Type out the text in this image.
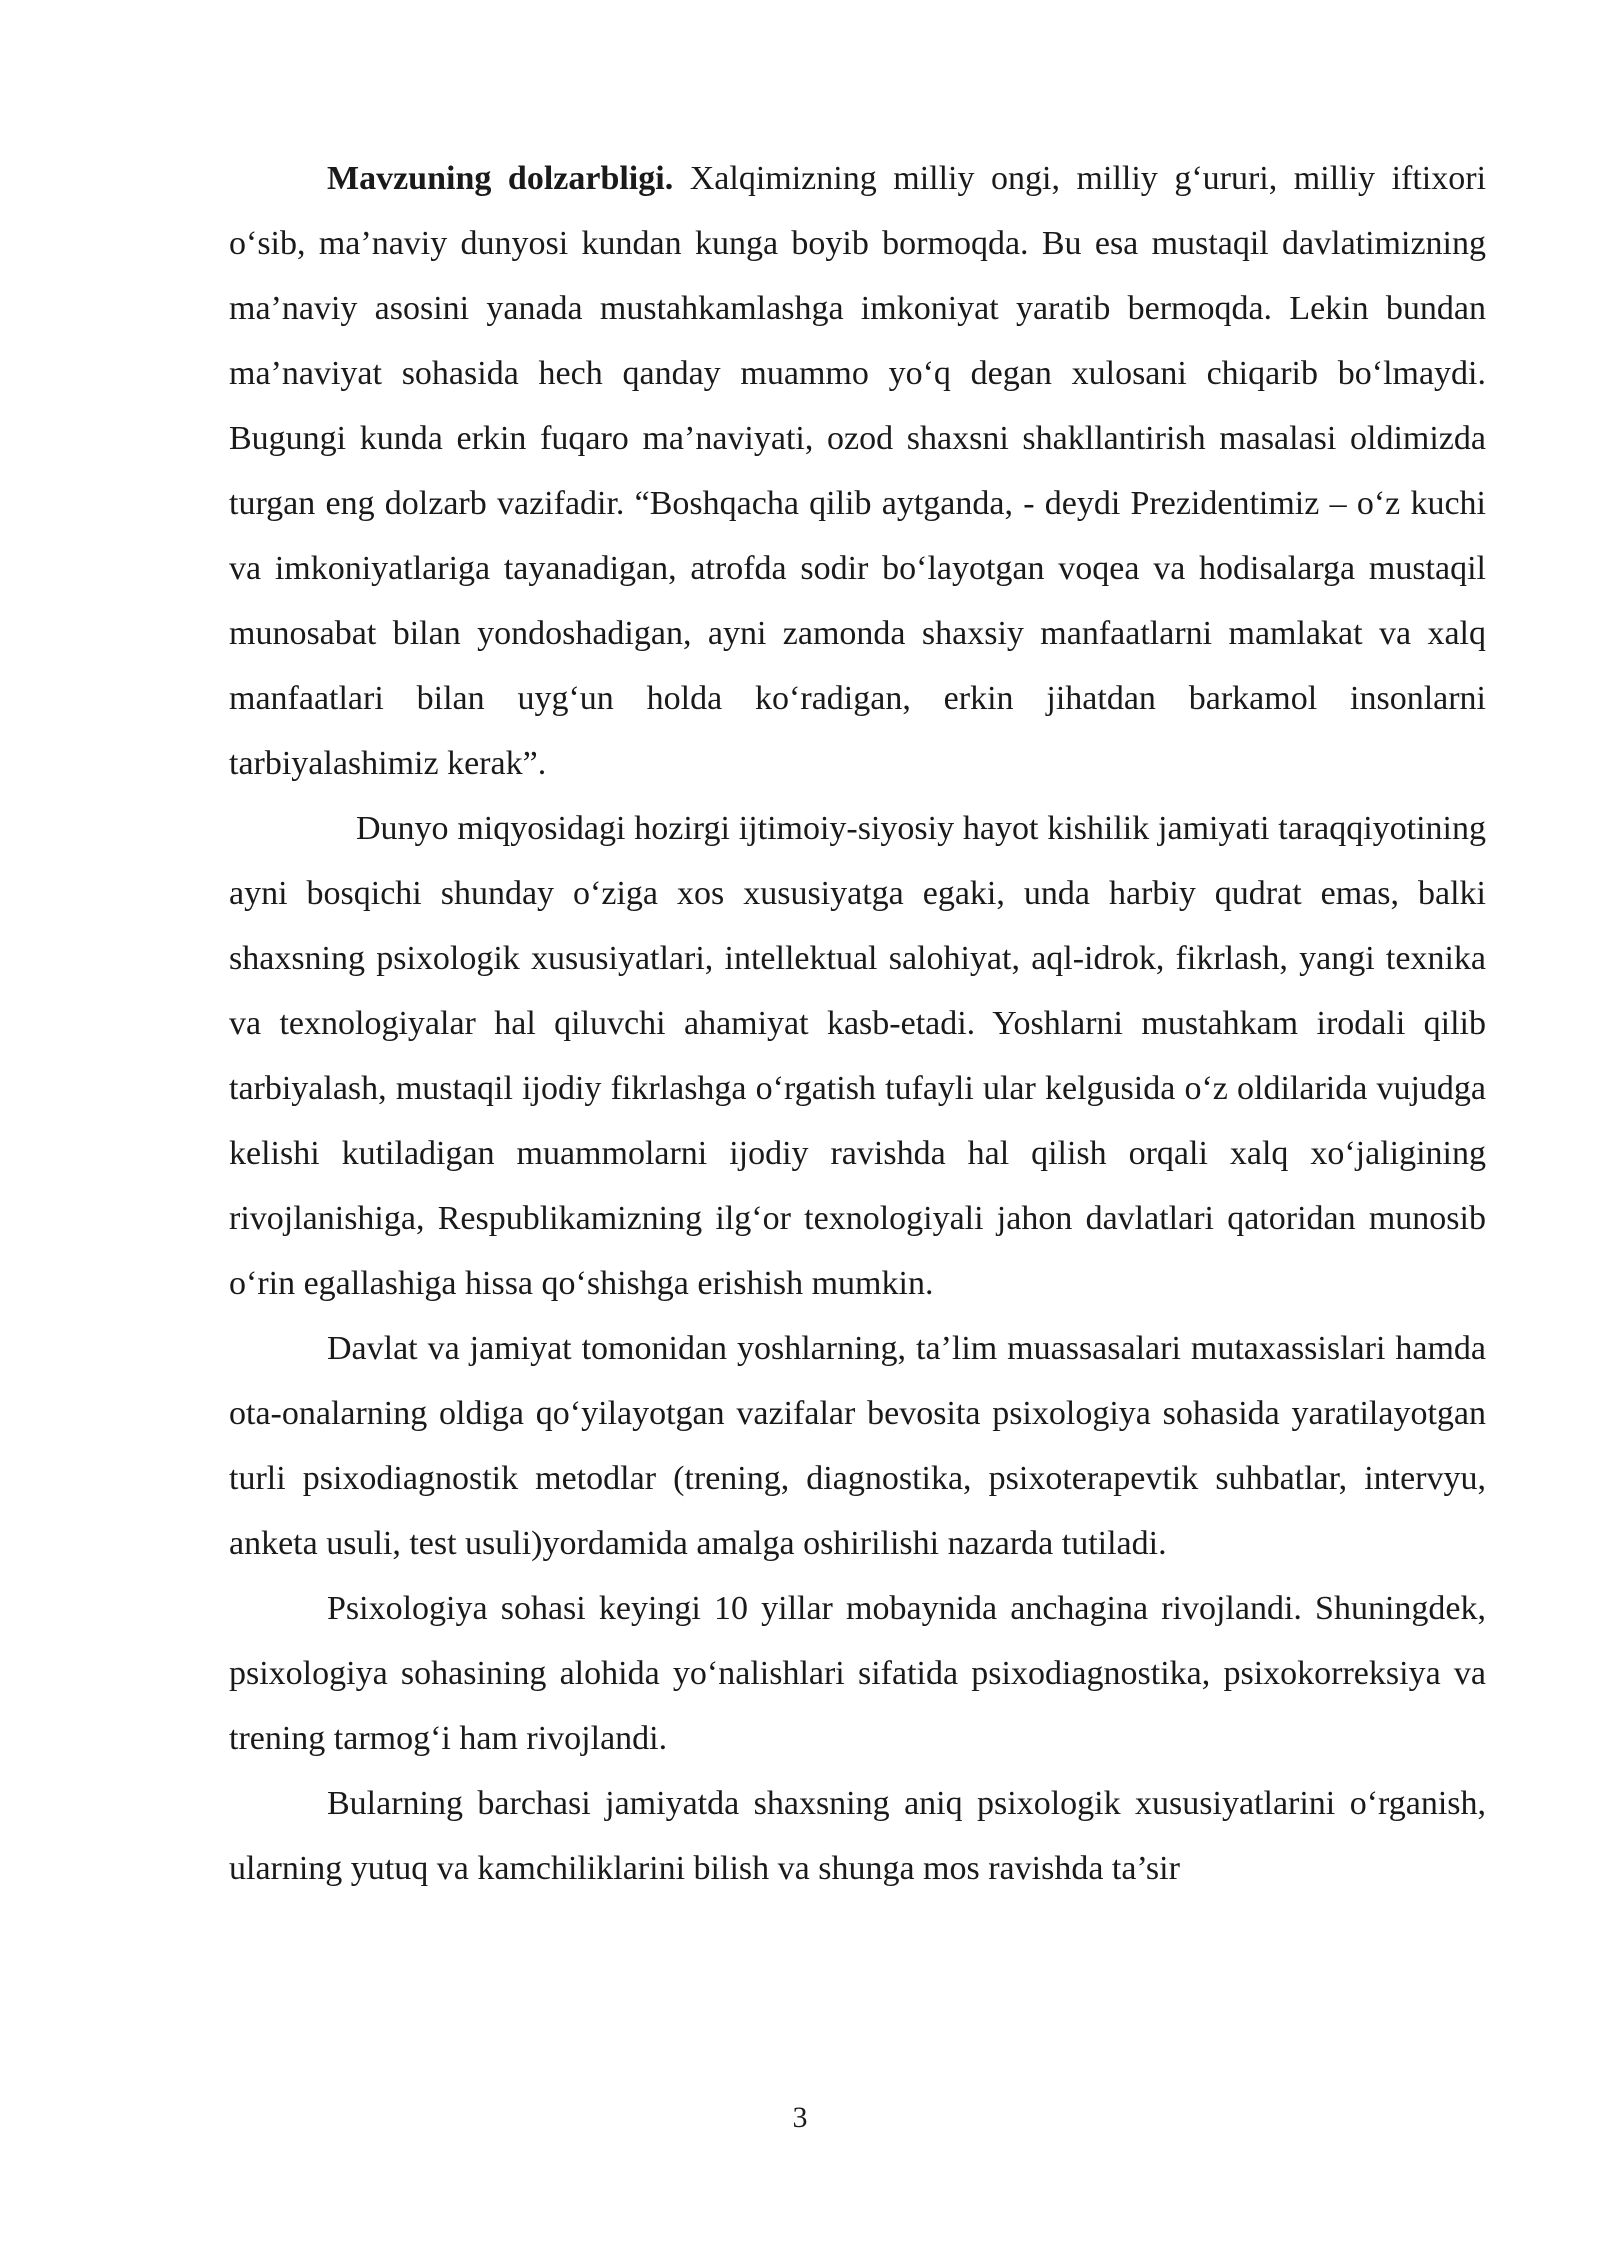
Mavzuning dolzarbligi. Xalqimizning milliy ongi, milliy g‘ururi, milliy iftixori o‘sib, ma’naviy dunyosi kundan kunga boyib bormoqda. Bu esa mustaqil davlatimizning ma’naviy asosini yanada mustahkamlashga imkoniyat yaratib bermoqda. Lekin bundan ma’naviyat sohasida hech qanday muammo yo‘q degan xulosani chiqarib bo‘lmaydi. Bugungi kunda erkin fuqaro ma’naviyati, ozod shaxsni shakllantirish masalasi oldimizda turgan eng dolzarb vazifadir. “Boshqacha qilib aytganda, - deydi Prezidentimiz – o‘z kuchi va imkoniyatlariga tayanadigan, atrofda sodir bo‘layotgan voqea va hodisalarga mustaqil munosabat bilan yondoshadigan, ayni zamonda shaxsiy manfaatlarni mamlakat va xalq manfaatlari bilan uyg‘un holda ko‘radigan, erkin jihatdan barkamol insonlarni tarbiyalashimiz kerak”.

Dunyo miqyosidagi hozirgi ijtimoiy-siyosiy hayot kishilik jamiyati taraqqiyotining ayni bosqichi shunday o‘ziga xos xususiyatga egaki, unda harbiy qudrat emas, balki shaxsning psixologik xususiyatlari, intellektual salohiyat, aql-idrok, fikrlash, yangi texnika va texnologiyalar hal qiluvchi ahamiyat kasb-etadi. Yoshlarni mustahkam irodali qilib tarbiyalash, mustaqil ijodiy fikrlashga o‘rgatish tufayli ular kelgusida o‘z oldilarida vujudga kelishi kutiladigan muammolarni ijodiy ravishda hal qilish orqali xalq xo‘jaligining rivojlanishiga, Respublikamizning ilg‘or texnologiyali jahon davlatlari qatoridan munosib o‘rin egallashiga hissa qo‘shishga erishish mumkin.

Davlat va jamiyat tomonidan yoshlarning, ta’lim muassasalari mutaxassislari hamda ota-onalarning oldiga qo‘yilayotgan vazifalar bevosita psixologiya sohasida yaratilayotgan turli psixodiagnostik metodlar (trening, diagnostika, psixoterapevtik suhbatlar, intervyu, anketa usuli, test usuli)yordamida amalga oshirilishi nazarda tutiladi.

Psixologiya sohasi keyingi 10 yillar mobaynida anchagina rivojlandi. Shuningdek, psixologiya sohasining alohida yo‘nalishlari sifatida psixodiagnostika, psixokorreksiya va trening tarmog‘i ham rivojlandi.

Bularning barchasi jamiyatda shaxsning aniq psixologik xususiyatlarini o‘rganish, ularning yutuq va kamchiliklarini bilish va shunga mos ravishda ta’sir

3
